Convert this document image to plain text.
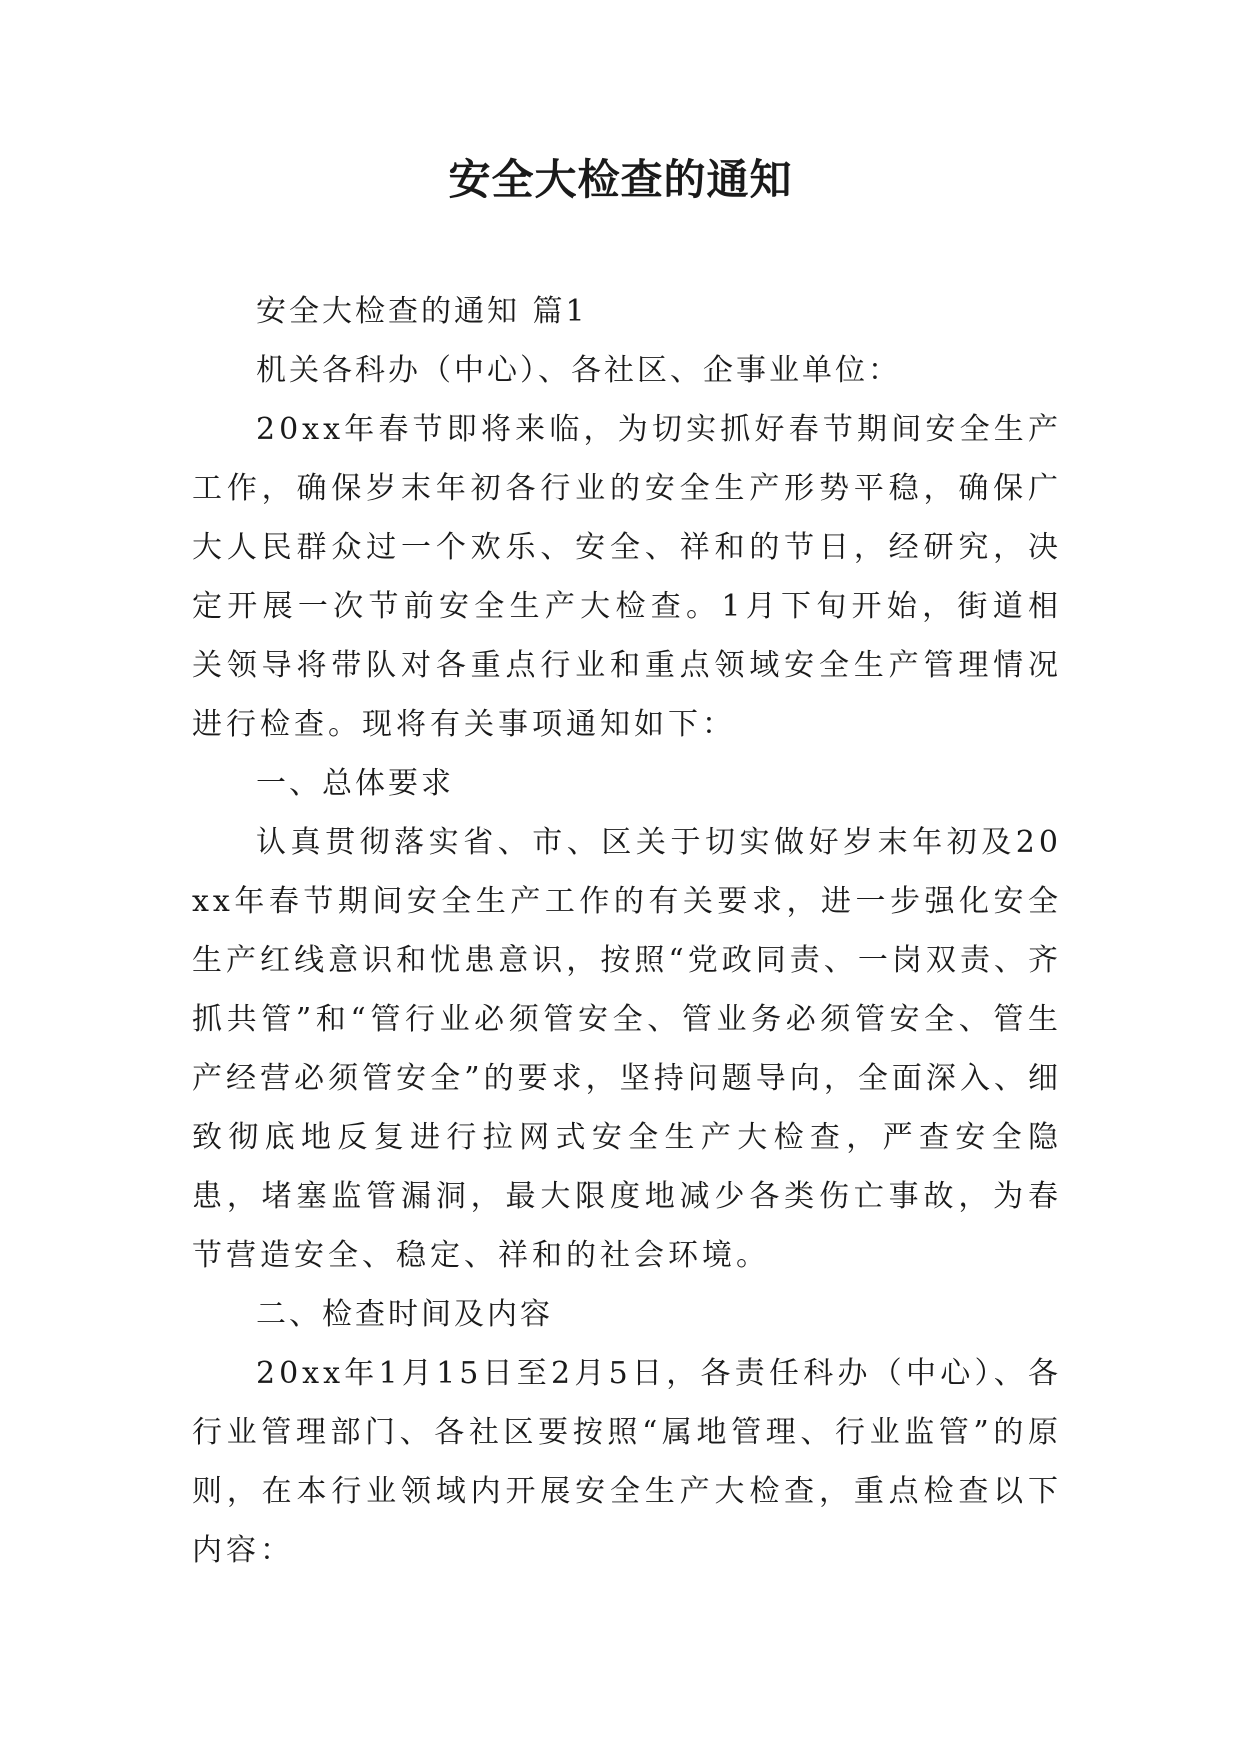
安全大检查的通知

安全大检查的通知 篇1

机关各科办（中心）、各社区、企事业单位：

20xx年春节即将来临，为切实抓好春节期间安全生产工作，确保岁末年初各行业的安全生产形势平稳，确保广大人民群众过一个欢乐、安全、祥和的节日，经研究，决定开展一次节前安全生产大检查。1月下旬开始，街道相关领导将带队对各重点行业和重点领域安全生产管理情况进行检查。现将有关事项通知如下：

一、总体要求

认真贯彻落实省、市、区关于切实做好岁末年初及20xx年春节期间安全生产工作的有关要求，进一步强化安全生产红线意识和忧患意识，按照“党政同责、一岗双责、齐抓共管”和“管行业必须管安全、管业务必须管安全、管生产经营必须管安全”的要求，坚持问题导向，全面深入、细致彻底地反复进行拉网式安全生产大检查，严查安全隐患，堵塞监管漏洞，最大限度地减少各类伤亡事故，为春节营造安全、稳定、祥和的社会环境。

二、检查时间及内容

20xx年1月15日至2月5日，各责任科办（中心）、各行业管理部门、各社区要按照“属地管理、行业监管”的原则，在本行业领域内开展安全生产大检查，重点检查以下内容：
